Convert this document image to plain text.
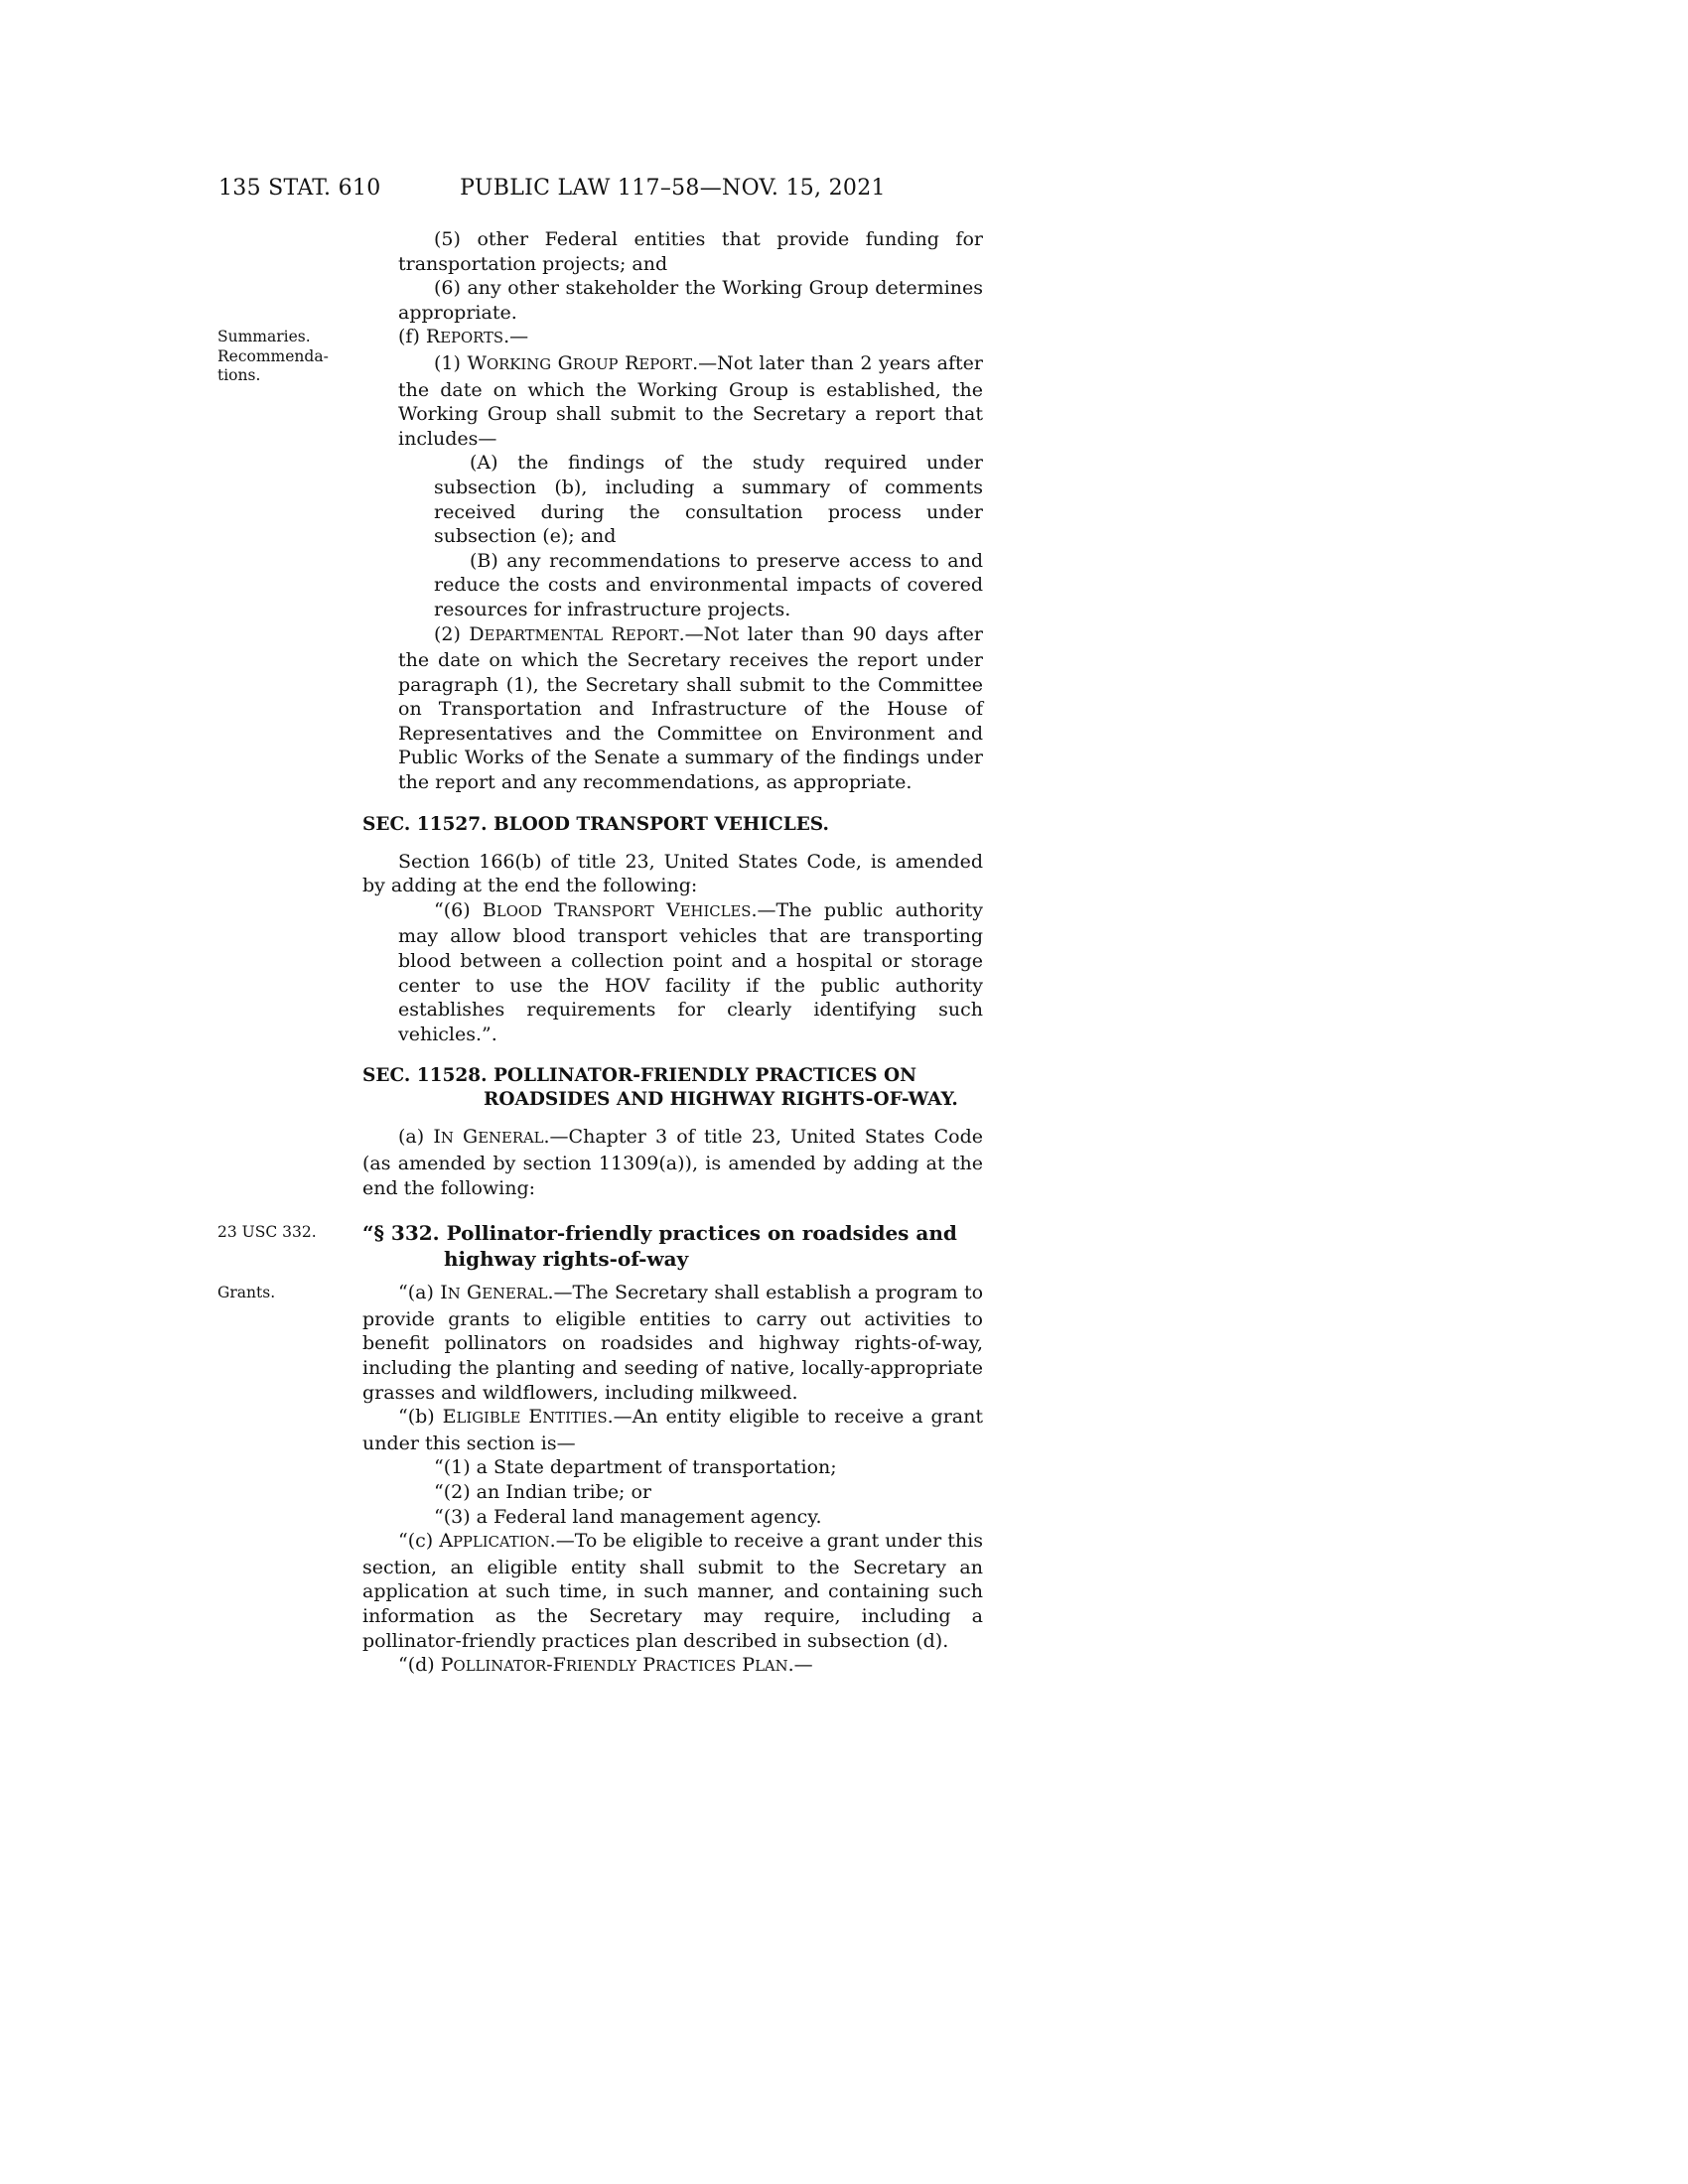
135 STAT. 610	PUBLIC LAW 117–58—NOV. 15, 2021
(5) other Federal entities that provide funding for transportation projects; and
(6) any other stakeholder the Working Group determines appropriate.
(f) REPORTS.—
Summaries.
Recommenda-
tions.
(1) WORKING GROUP REPORT.—Not later than 2 years after the date on which the Working Group is established, the Working Group shall submit to the Secretary a report that includes—
(A) the findings of the study required under subsection (b), including a summary of comments received during the consultation process under subsection (e); and
(B) any recommendations to preserve access to and reduce the costs and environmental impacts of covered resources for infrastructure projects.
(2) DEPARTMENTAL REPORT.—Not later than 90 days after the date on which the Secretary receives the report under paragraph (1), the Secretary shall submit to the Committee on Transportation and Infrastructure of the House of Representatives and the Committee on Environment and Public Works of the Senate a summary of the findings under the report and any recommendations, as appropriate.
SEC. 11527. BLOOD TRANSPORT VEHICLES.
Section 166(b) of title 23, United States Code, is amended by adding at the end the following:
“(6) BLOOD TRANSPORT VEHICLES.—The public authority may allow blood transport vehicles that are transporting blood between a collection point and a hospital or storage center to use the HOV facility if the public authority establishes requirements for clearly identifying such vehicles.”.
SEC. 11528. POLLINATOR-FRIENDLY PRACTICES ON ROADSIDES AND HIGHWAY RIGHTS-OF-WAY.
(a) IN GENERAL.—Chapter 3 of title 23, United States Code (as amended by section 11309(a)), is amended by adding at the end the following:
“§ 332. Pollinator-friendly practices on roadsides and highway rights-of-way
23 USC 332.
“(a) IN GENERAL.—The Secretary shall establish a program to provide grants to eligible entities to carry out activities to benefit pollinators on roadsides and highway rights-of-way, including the planting and seeding of native, locally-appropriate grasses and wildflowers, including milkweed.
Grants.
“(b) ELIGIBLE ENTITIES.—An entity eligible to receive a grant under this section is—
“(1) a State department of transportation;
“(2) an Indian tribe; or
“(3) a Federal land management agency.
“(c) APPLICATION.—To be eligible to receive a grant under this section, an eligible entity shall submit to the Secretary an application at such time, in such manner, and containing such information as the Secretary may require, including a pollinator-friendly practices plan described in subsection (d).
“(d) POLLINATOR-FRIENDLY PRACTICES PLAN.—
